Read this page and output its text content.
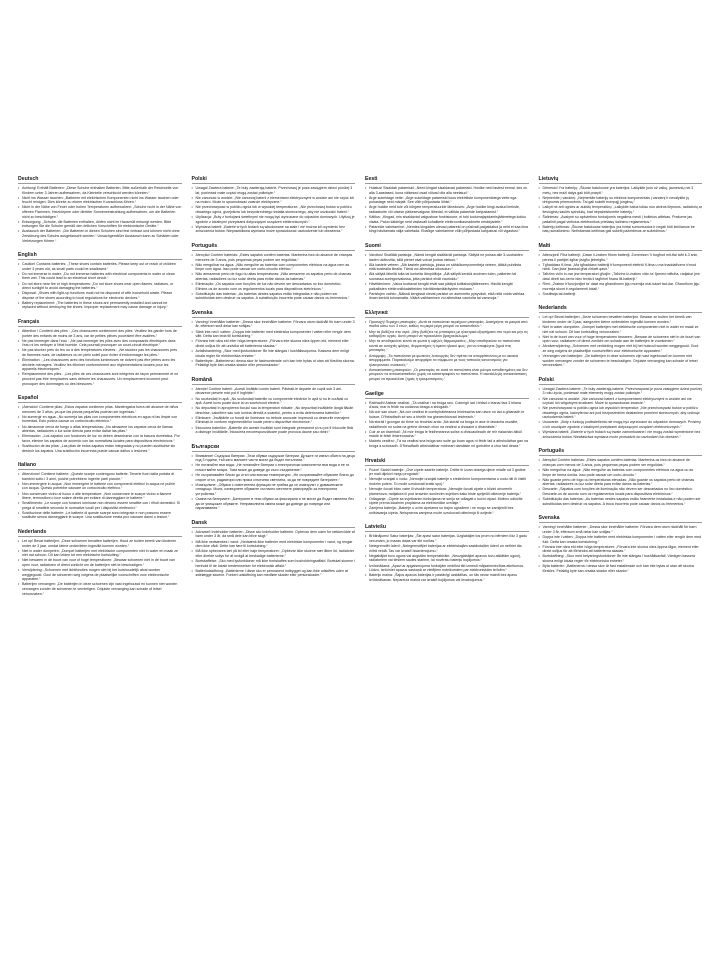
Deutsch
• Achtung! Enthält Batterien: „Diese Schuhe enthalten Batterien. Bitte außerhalb der Reichweite von Kindern unter 3 Jahren aufbewahren, da Kleinteile verschluckt werden könnten.“
• Nicht ins Wasser tauchen: „Batterien mit elektrischen Komponenten nicht ins Wasser tauchen oder feucht reinigen. Dies könnte zu einem elektrischen Kurzschluss führen.“
• Nicht in der Nähe von Feuer oder hohen Temperaturen aufbewahren: „Schuhe nicht in der Nähe von offenen Flammen, Heizkörpern oder direkter Sonneneinstrahlung aufbewahren, um die Batterien nicht zu beschädigen.“
• Entsorgung: „Schuhe, die Batterien enthalten, dürfen nicht im Hausmüll entsorgt werden. Bitte entsorgen Sie die Schuhe gemäß den örtlichen Vorschriften für elektronische Geräte.“
• Austausch der Batterien: „Die Batterien in diesen Schuhen sind fest verbaut und können nicht ohne Zerstörung des Schuhs ausgetauscht werden.“ Unsachgemäßer Austausch kann zu Schäden oder Verletzungen führen.“
English
• Caution! Contains batteries: „These shoes contain batteries. Please keep out of reach of children under 3 years old, as small parts could be swallowed.“
• Do not immerse in water: „Do not immerse batteries with electrical components in water or clean them wet. This could lead to an electrical short circuit.“
• Do not store near fire or high temperatures: „Do not store shoes near open flames, radiators, or direct sunlight to avoid damaging the batteries.“
• Disposal: „Shoes with light-up functions must not be disposed of with household waste. Please dispose of the shoes according to local regulations for electronic devices.“
• Battery replacement: „The batteries in these shoes are permanently installed and cannot be replaced without destroying the shoes. Improper replacement may cause damage or injury.“
Français
• Attention ! Contient des piles : „Ces chaussures contiennent des piles. Veuillez les garder hors de portée des enfants de moins de 3 ans, car de petites pièces pourraient être avalées.“
• Ne pas immerger dans l'eau : „Ne pas immerger les piles avec des composants électriques dans l'eau ni les nettoyer à l'état humide. Cela pourrait provoquer un court-circuit électrique.“
• Ne pas stocker près du feu ou à des températures élevées : „Ne stockez pas les chaussures près de flammes nues, de radiateurs ou en plein soleil pour éviter d'endommager les piles.“
• Élimination : „Les chaussures avec des fonctions lumineuses ne doivent pas être jetées avec les déchets ménagers. Veuillez les éliminer conformément aux règlementations locales pour les appareils électroniques.“
• Remplacement des piles : „Les piles de ces chaussures sont intégrées de façon permanente et ne peuvent pas être remplacées sans détruire les chaussures. Un remplacement incorrect peut provoquer des dommages ou des blessures.“
Español
• ¡Atención! Contiene pilas: „Estos zapatos contienen pilas. Manténgalos fuera del alcance de niños menores de 3 años, ya que las piezas pequeñas podrían ser ingeridas.“
• No sumergir en agua: „No sumerja las pilas con componentes eléctricos en agua ni las limpie con humedad. Esto podría causar un cortocircuito eléctrico.“
• No almacenar cerca de fuego o altas temperaturas: „No almacene los zapatos cerca de llamas abiertas, radiadores o luz solar directa para evitar dañar las pilas.“
• Eliminación: „Los zapatos con funciones de luz no deben desecharse con la basura doméstica. Por favor, elimine los zapatos de acuerdo con las normativas locales para dispositivos electrónicos.“
• Sustitución de las pilas: „Las pilas de estos zapatos están integradas y no pueden sustituirse sin destruir los zapatos. Una sustitución incorrecta puede causar daños o lesiones.“
Italiano
• Attenzione! Contiene batterie: „Queste scarpe contengono batterie. Tenerle fuori dalla portata di bambini sotto i 3 anni, poiché potrebbero ingerire parti piccole.“
• Non immergere in acqua: „Non immergere le batterie con componenti elettrici in acqua né pulirle con acqua. Questo potrebbe causare un cortocircuito elettrico.“
• Non conservare vicino al fuoco o alte temperature: „Non conservare le scarpe vicino a fiamme libere, termosifoni o luce solare diretta per evitare di danneggiare le batterie.“
• Smaltimento: „Le scarpe con funzioni luminose non devono essere smaltite con i rifiuti domestici. Si prega di smaltirle secondo le normative locali per i dispositivi elettronici.“
• Sostituzione delle batterie: „Le batterie di queste scarpe sono integrate e non possono essere sostituite senza danneggiare le scarpe. Una sostituzione errata può causare danni o lesioni.“
Nederlands
• Let op! Bevat batterijen: „Deze schoenen bevatten batterijen. Houd ze buiten bereik van kinderen onder de 3 jaar, omdat kleine onderdelen ingeslikt kunnen worden.“
• Niet in water dompelen: „Dompel batterijen met elektrische componenten niet in water en maak ze niet nat schoon. Dit kan leiden tot een elektrische kortsluiting.“
• Niet bewaren in de buurt van vuur of hoge temperaturen: „Bewaar schoenen niet in de buurt van open vuur, radiatoren of direct zonlicht om de batterijen niet te beschadigen.“
• Verwijdering: „Schoenen met lichtfuncties mogen niet bij het huishoudelijk afval worden weggegooid. Gooi de schoenen weg volgens de plaatselijke voorschriften voor elektronische apparaten.“
• Batterijen vervangen: „De batterijen in deze schoenen zijn vast ingebouwd en kunnen niet worden vervangen zonder de schoenen te vernietigen. Onjuiste vervanging kan schade of letsel veroorzaken.“
Polski
• Uwaga! Zawiera baterie: „Te buty zawierają baterie. Przechowuj je poza zasięgiem dzieci poniżej 3 lat, ponieważ małe części mogą zostać połknięte.“
• Nie zanurzać w wodzie: „Nie zanurzaj baterii z elementami elektrycznymi w wodzie ani nie czyść ich na mokro. Może to spowodować zwarcie elektryczne.“
• Nie przechowywać w pobliżu ognia lub w wysokiej temperaturze: „Nie przechowuj butów w pobliżu otwartego ognia, grzejników lub bezpośredniego światła słonecznego, aby nie uszkodzić baterii.“
• Utylizacja: „Buty z funkcjami świetlnymi nie mogą być wyrzucane do odpadów domowych. Utylizuj je zgodnie z lokalnymi przepisami dotyczącymi urządzeń elektronicznych.“
• Wymiana baterii: „Baterie w tych butach są wbudowane na stałe i nie można ich wymienić bez zniszczenia butów. Nieprawidłowa wymiana może spowodować uszkodzenie lub obrażenia.“
Português
• Atenção! Contém baterias: „Estes sapatos contêm baterias. Mantenha fora do alcance de crianças menores de 3 anos, pois pequenas peças podem ser engolidas.“
• Não mergulhar na água: „Não mergulhe as baterias com componentes elétricos na água nem as limpe com água. Isso pode causar um curto-circuito elétrico.“
• Não armazenar perto de fogo ou altas temperaturas: „Não armazene os sapatos perto de chamas abertas, radiadores ou luz solar direta para evitar danos às baterias.“
• Eliminação: „Os sapatos com funções de luz não devem ser descartados no lixo doméstico. Elimine-os de acordo com os regulamentos locais para dispositivos eletrônicos.“
• Substituição das baterias: „As baterias destes sapatos estão integradas e não podem ser substituídas sem destruir os sapatos. A substituição incorreta pode causar danos ou ferimentos.“
Svenska
• Varning! Innehåller batterier: „Dessa skor innehåller batterier. Förvara utom räckhåll för barn under 3 år, eftersom små delar kan sväljas.“
• Sänk inte ned i vatten: „Doppa inte batterier med elektriska komponenter i vatten eller rengör dem vått. Detta kan leda till kortslutning.“
• Förvara inte nära eld eller höga temperaturer: „Förvara inte skorna nära öppen eld, element eller direkt solljus för att undvika att batterierna skadas.“
• Avfallshantering: „Skor med ljusfunktioner får inte slängas i hushållssoporna. Kassera dem enligt lokala regler för elektroniska enheter.“
• Batteribyte: „Batterierna i dessa skor är fastmonterade och kan inte bytas ut utan att förstöra skorna. Felaktigt byte kan orsaka skador eller personskador.“
Română
• Atenție! Conține baterii: „Acești încălțări conțin baterii. Păstrați-le departe de copiii sub 3 ani, deoarece piesele mici pot fi înghițite.“
• Nu scufundați în apă: „Nu scufundați bateriile cu componente electrice în apă și nu le curățați cu apă. Acest lucru poate duce la un scurtcircuit electric.“
• Nu depozitați în apropierea focului sau la temperaturi ridicate: „Nu depozitați încălțările lângă flăcări deschise, calorifere sau sub lumina directă a soarelui, pentru a evita deteriorarea bateriilor.“
• Eliminare: „Încălțările cu funcții de iluminare nu trebuie aruncate împreună cu deșeurile menajere. Eliminați-le conform reglementărilor locale pentru dispozitive electronice.“
• Înlocuirea bateriilor: „Bateriile din aceste încălțări sunt integrate permanent și nu pot fi înlocuite fără a distruge încălțările. Înlocuirea necorespunzătoare poate provoca daune sau răniri.“
Български
• Внимание! Съдържа батерии: „Тези обувки съдържат батерии. Дръжте ги извън обсега на деца под 3 години, тъй като малките части могат да бъдат погълнати.“
• Не потапяйте във вода: „Не потапяйте батерии с електрически компоненти във вода и не ги почиствайте мокри. Това може да доведе до късо съединение.“
• Не съхранявайте близо до огън или високи температури: „Не съхранявайте обувките близо до открит огън, радиатори или пряка слънчева светлина, за да не повредите батериите.“
• Изхвърляне: „Обувки с осветителни функции не трябва да се изхвърлят с домакинските отпадъци. Моля, изхвърлете обувките съгласно местните разпоредби за електронни устройства.“
• Смяна на батериите: „Батериите в тези обувки са фиксирани и не могат да бъдат сменени без да се унищожат обувките. Неправилната смяна може да доведе до повреди или наранявания.“
Dansk
• Advarsel! Indeholder batterier: „Disse sko indeholder batterier. Opbevar dem uden for rækkevidde af børn under 3 år, da små dele kan blive slugt.“
• Må ikke nedsænkes i vand: „Nedsænk ikke batterier med elektriske komponenter i vand, og rengør dem ikke vådt. Dette kan føre til kortslutning.“
• Må ikke opbevares tæt på ild eller høje temperaturer: „Opbevar ikke skoene nær åben ild, radiatorer eller direkte sollys for at undgå at beskadige batterierne.“
• Bortskaffelse: „Sko med lysfunktioner må ikke bortskaffes som husholdningsaffald. Bortskaf skoene i henhold til de lokale bestemmelser for elektronisk affald.“
• Batteriudskiftning: „Batterierne i disse sko er permanent indbygget og kan ikke udskiftes uden at ødelægge skoene. Forkert udskiftning kan medføre skader eller personskader.“
Eesti
• Hoiatus! Sisaldab patareisid: „Need kingad sisaldavad patareisid. Hoidke neid lastest eemal, kes on alla 3-aastased, kuna väikesed osad võivad olla alla neelatud.“
• Ärge sukeldage vette: „Ärge sukeldage patareisid koos elektriliste komponentidega vette ega puhastage neid märjalt. See võib põhjustada lühist.“
• Ärge hoidke neid tule või kõrgete temperatuuride läheduses: „Ärge hoidke kingi avatud leekide, radiaatorite või otsese päikesevalguse lähedal, et vältida patareide kahjustamist.“
• Käitlus: „Kingad, mis sisaldavad valgustuse funktsioone, ei tohi kodumajapidamisjäätmetega kokku visata. Palun käidelge neid vastavalt kohalikele elektroonikaseadmete eeskirjadele.“
• Patareide vahetamine: „Nendes kingades olevad patareid on püsivalt paigaldatud ja neid ei saa ilma kingi hävitamata välja vahetada. Ebaõige vahetamine võib põhjustada kahjustusi või vigastusi.“
Suomi
• Varoitus! Sisältää paristoja: „Nämä kengät sisältävät paristoja. Säilytä ne poissa alle 3-vuotiaiden lasten ulottuvilta, sillä pienet osat voivat joutua nieluun.“
• Älä kastele veteen: „Älä kastele paristoja, joissa on sähkökomponentteja veteen, äläkä puhdista niitä kostealla liinalla. Tämä voi aiheuttaa oikosulun.“
• Älä säilytä lähellä tulta tai korkeita lämpötiloja: „Älä säilytä kenkiä avoimen tulen, patterien tai suorassa auringonvalossa, jotta paristot eivät vaurioidu.“
• Hävittäminen: „Valoa tuottavat kengät eivät saa päätyä kotitalousjätteeseen. Hävitä kengät paikallisten elektroniikkalaitteiden hävittämismääräysten mukaan.“
• Paristojen vaihto: „Näissä kengissä olevat paristot on asennettu pysyvästi, eikä niitä voida vaihtaa ilman kenkiä tuhoamatta. Väärä vaihtaminen voi aiheuttaa vaurioita tai vammoja.“
Ελληνικά
• Προσοχή! Περιέχει μπαταρίες: „Αυτά τα παπούτσια περιέχουν μπαταρίες. Διατηρήστε τα μακριά από παιδιά κάτω των 3 ετών, καθώς τα μικρά μέρη μπορεί να καταποθούν.“
• Μην τα βυθίζετε στο νερό: „Μην βυθίζετε τις μπαταρίες με ηλεκτρικά εξαρτήματα στο νερό και μην τις καθαρίζετε υγρές. Αυτό μπορεί να προκαλέσει βραχυκύκλωμα.“
• Μην τα αποθηκεύετε κοντά σε φωτιά ή υψηλές θερμοκρασίες: „Μην αποθηκεύετε τα παπούτσια κοντά σε ανοιχτές φλόγες, θερμαντήρες ή άμεσο ηλιακό φως, για να αποφύγετε ζημιά στις μπαταρίες.“
• Απόρριψη: „Τα παπούτσια με φωτεινές λειτουργίες δεν πρέπει να απορρίπτονται με τα οικιακά απορρίμματα. Παρακαλούμε απορρίψτε τα σύμφωνα με τους τοπικούς κανονισμούς για ηλεκτρονικές συσκευές.“
• Αντικατάσταση μπαταριών: „Οι μπαταρίες σε αυτά τα παπούτσια είναι μόνιμα τοποθετημένες και δεν μπορούν να αντικατασταθούν χωρίς να καταστραφούν τα παπούτσια. Η ακατάλληλη αντικατάσταση μπορεί να προκαλέσει ζημιές ή τραυματισμούς.“
Gaeilge
• Rabhadh! Aistear ceallraí: „Tá ceallraí i na bróga seo. Coinnigh iad i bhfad ó leanaí faoi 3 bliana d'aois, mar is féidir na codanna beaga a shlogadh.“
• Ná cuir san uisce: „Ná cuir ceallraí le comhpháirteanna leictreacha san uisce nó iad a ghlanadh le huisce. D'fhéadfadh sé seo a bheith ina ghearrchiorcad leictreach.“
• Ná stóráil i gcóngar do thine nó teochtaí arda: „Ná stóráil na bróga in aice le lasracha oscailte, radaitheoirí nó solas na gréine díreach chun na ceallraí a chosaint ó dhamáiste.“
• Cuir ar an dramhaíl: „Ní mór bróga le feidhmeanna soilse a dhíscaoileadh de réir rialachán áitiúil maidir le feistí leictreonacha.“
• Malartú ceallraí: „Tá na ceallraí sna bróga seo suite go buan agus ní féidir iad a athsholáthar gan na bróga a scriosadh. D'fhéadfadh athsholáthar mícheart damáiste nó gortuithe a chur faoi deara.“
Hrvatski
• Pozor! Sadrži baterije: „Ove cipele sadrže baterije. Držite ih izvan dosega djece mlađe od 3 godine jer mali dijelovi mogu progutati.“
• Nemojte uranjati u vodu: „Nemojte uranjati baterije s električnim komponentama u vodu niti ih čistiti mokrim putem. To može uzrokovati kratki spoj.“
• Nemojte čuvati blizu vatre ili visokih temperatura: „Nemojte čuvati cipele u blizini otvorenih plamenova, radijatora ili pod izravnim sunčevim svjetlom kako biste spriječili oštećenje baterija.“
• Odlaganje: „Cipele sa svjetlosnim funkcijama ne smiju se odlagati u kućni otpad. Molimo odložite cipele prema lokalnim propisima za elektroničke uređaje.“
• Zamjena baterija: „Baterije u ovim cipelama su trajno ugrađene i ne mogu se zamijeniti bez uništavanja cipela. Neispravna zamjena može uzrokovati oštećenja ili ozljede.“
Latviešu
• Brīdinājums! Satur baterijas: „Šie apavi satur baterijas. Uzglabājiet tos prom no bērniem līdz 3 gadu vecumam, jo mazas daļas var tikt norītas.“
• Neiegremdēt ūdenī: „Neiegremdējiet baterijas ar elektriskajām sastāvdaļām ūdenī un netīriet tās mitrā veidā. Tas var izraisīt īssavienojumu.“
• Neglabājiet tuvu uguns vai augstām temperatūrām: „Neuzglabājiet apavus tuvu atklātām ugunij, radiatoriem vai tiešiem saules stariem, lai novērstu bateriju bojājumus.“
• Iznīcināšana: „Apavi ar apgaismojuma funkcijām nedrīkst tikt izmesti mājsaimniecības atkritumos. Lūdzu, iznīciniet apavus saskaņā ar vietējiem noteikumiem par elektroniskām ierīcēm.“
• Bateriju maiņa: „Šajos apavos baterijas ir pastāvīgi uzstādītas, un tās nevar mainīt bez apavu iznīcināšanas. Nepareiza maiņa var izraisīt bojājumus vai ievainojumus.“
Lietuvių
• Dėmesio! Yra baterijų: „Šiuose batukuose yra baterijos. Laikykite juos už vaikų, jaunesnių nei 3 metų, nes maži dalys gali būti praryti.“
• Neįmerkite į vandenį: „Neįmerkite baterijų su elektros komponentais į vandenį ir nevalykite jų drėgnomis priemonėmis. Tai gali sukelti trumpąjį jungimą.“
• Laikyti ne arti ugnies ar aukštų temperatūrų: „Laikykite batus toliau nuo atviros liepsnos, radiatorių ar tiesioginių saulės spindulių, kad nepažeistumėte baterijų.“
• Šalinimas: „Avalynė su apšvietimo funkcijomis negalima mesti į buitinius atliekas. Prašome jas pašalinti pagal vietinius elektronikos prietaisų šalinimo reglamentus.“
• Baterijų keitimas: „Šiuose batukuose baterijos yra tvirtai sumontuotos ir negali būti keičiamos be batų sunaikinimo. Netinkamas keitimas gali sukelti pažeidimus ar sužeidimus.“
Malti
• Attenzjoni! Fiha batteriji: „Dawn il-żraben fihom batteriji. Żommhom ’il bogħod mit-tfal taħt it-3 snin, peress li partijiet żgħar jistgħu jinbelgħu.“
• Tgħaddasx fl-ilma: „Ma tgħaddasx batteriji b’komponenti elettriċi fl-ilma u ma tnaddafhomx b’mod niedi. Dan jista’ jwassal għal ċirkwit qasir.“
• Taħżinx viċin in-nar jew temperaturi għoljin: „Taħżinx iż-żraben viċin ta’ fjammi miftuħa, radjaturi jew dawl dirett tax-xemx biex tevita li tagħmel ħsara lill-batteriji.“
• Rimi: „Żraben b’funzjonijiet ta’ dawl ma għandhomx jiġu mormija mal-iskart tad-dar. Għandhom jiġu mormija skont ir-regolamenti lokali.“
• Sostitwija tal-batteriji
Nederlands
• Let op! Bevat batterijen: „Deze schoenen bevatten batterijen. Bewaar ze buiten het bereik van kinderen onder de 3 jaar, aangezien kleine onderdelen ingeslikt kunnen worden.“
• Niet in water dompelen: „Dompel batterijen met elektrische componenten niet in water en maak ze niet nat schoon. Dit kan kortsluiting veroorzaken.“
• Niet in de buurt van vuur of hoge temperaturen bewaren: „Bewaar de schoenen niet in de buurt van open vuur, radiatoren of direct zonlicht om schade aan de batterijen te voorkomen.“
• Afvalverwijdering: „Schoenen met verlichting mogen niet bij het huisvuil worden weggegooid. Gooi ze weg volgens de plaatselijke voorschriften voor elektronische apparaten.“
• Vervangen van batterijen: „De batterijen in deze schoenen zijn vast ingebouwd en kunnen niet worden vervangen zonder de schoenen te beschadigen. Onjuiste vervanging kan schade of letsel veroorzaken.“
Polski
• Uwaga! Zawiera baterie: „Te buty zawierają baterie. Przechowywać je poza zasięgiem dzieci poniżej 3 roku życia, ponieważ małe elementy mogą zostać połknięte.“
• Nie zanurzać w wodzie: „Nie zanurzać baterii z komponentami elektrycznymi w wodzie ani nie czyścić ich wilgotnymi środkami. Może to spowodować zwarcie.“
• Nie przechowywać w pobliżu ognia lub wysokich temperatur: „Nie przechowywać butów w pobliżu otwartego ognia, kaloryferów ani pod bezpośrednim działaniem promieni słonecznych, aby uniknąć uszkodzenia baterii.“
• Usuwanie: „Buty z funkcją podświetlenia nie mogą być wyrzucane do odpadów domowych. Prosimy o ich usunięcie zgodnie z lokalnymi przepisami dotyczącymi urządzeń elektronicznych.“
• Wymiana baterii: „Baterie w tych butach są trwale zamontowane i nie mogą zostać wymienione bez zniszczenia butów. Niewłaściwa wymiana może prowadzić do uszkodzeń lub obrażeń.“
Português
• Atenção! Contém baterias: „Estes sapatos contêm baterias. Mantenha-os fora do alcance de crianças com menos de 3 anos, pois pequenas peças podem ser engolidas.“
• Não mergulhar na água: „Não mergulhe as baterias com componentes elétricos na água ou as limpe de forma úmida. Isso pode causar um curto-circuito.“
• Não guarde perto de fogo ou temperaturas elevadas: „Não guarde os sapatos perto de chamas abertas, radiadores ou luz solar direta para evitar danos às baterias.“
• Descarte: „Sapatos com funções de iluminação não devem ser descartados no lixo doméstico. Descarte-os de acordo com os regulamentos locais para dispositivos eletrônicos.“
• Substituição das baterias: „As baterias nestes sapatos estão fixamente instaladas e não podem ser substituídas sem destruir os sapatos. A troca incorreta pode causar danos ou ferimentos.“
Svenska
• Varning! Innehåller batterier: „Dessa skor innehåller batterier. Förvara dem utom räckhåll för barn under 3 år, eftersom små delar kan sväljas.“
• Doppa inte i vatten: „Doppa inte batterier med elektriska komponenter i vatten eller rengör dem med fukt. Detta kan orsaka kortslutning.“
• Förvara inte nära eld eller höga temperaturer: „Förvara inte skorna nära öppna lågor, element eller direkt solljus för att förhindra att batterierna skadas.“
• Bortskaffning: „Skor med belysningsfunktioner får inte slängas i hushållsavfall. Vänligen kassera skorna enligt lokala regler för elektroniska enheter.“
• Byta batterier: „Batterierna i dessa skor är fast installerade och kan inte bytas ut utan att skorna förstörs. Felaktig byte kan orsaka skador eller skador.“
